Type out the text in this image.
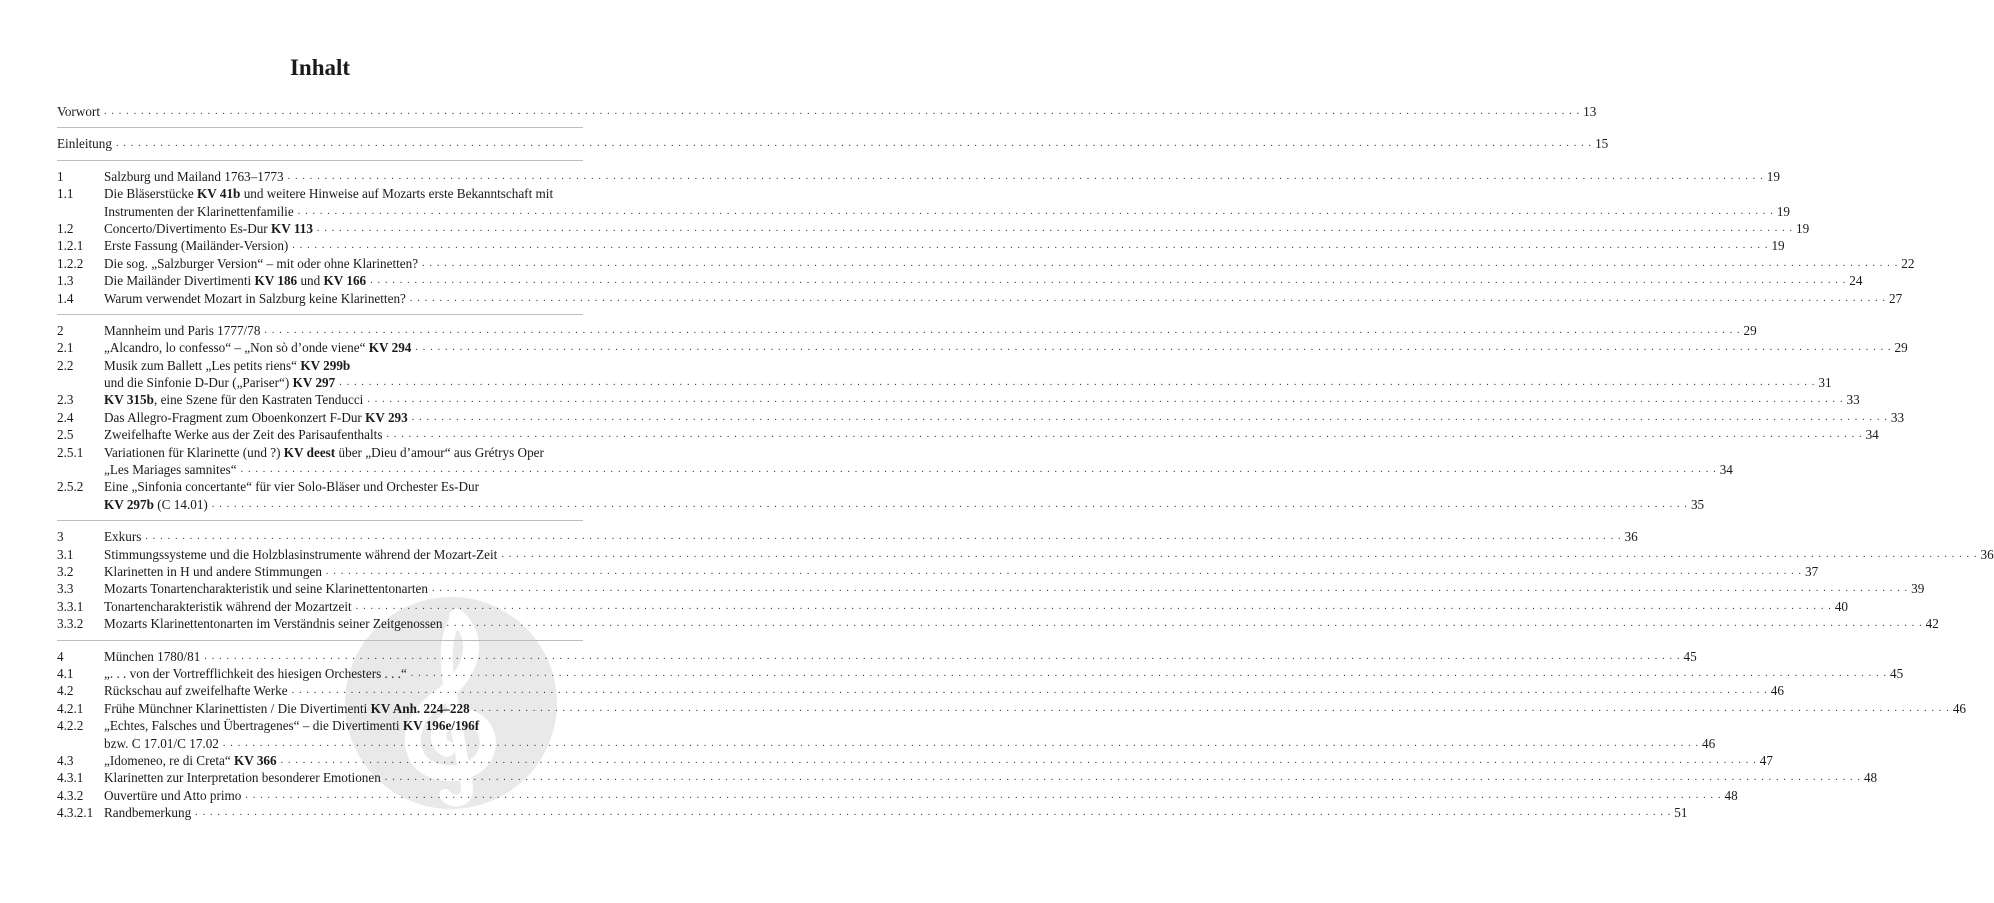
Inhalt
Vorwort . . . . . . . . . . . . . . . . . . . . . . . . . . . . . . . . . . . . . . . . . . . . . . . . . . . . . . . . . . . . . . . . . . . . . . . . . . . . . . . . . . . . . . . . . . . . . . . . . . . . . . . . . . . . . . . . . . . . . . . . . . . . . . . . . . . . . . . . . . . . . . . . . . . . . . . . . . . . . . . . . . . . . . . . . . . . . . . . . . . . . . . . . . . . . . . . . . . . . . . . 13
Einleitung . . . . . . . . . . . . . . . . . . . . . . . . . . . . . . . . . . . . . . . . . . . . . . . . . . . . . . . . . . . . . . . . . . . . . . . . . . . . . . . . . . . . . . . . . . . . . . . . . . . . . . . . . . . . . . . . . . . . . . . . . . . . . . . . . . . . . . . . . . . . . . . . . . . . . . . . . . . . . . . . . . . . . . . . . . . . . . . . . . . . . . . . . . . . . . . . . . . . . . . . 15
1	Salzburg und Mailand 1763–1773 . . . . . . . . . . . . . . . . . . . . . . . . . . . . . . . . . . . . . . . . . . . . . . . . . . . . . . . . . . . . . . . . . . . . . . . . . . . . . . . . . . . . . . . . . . . . . . . . . . . . . . . . . . . . . . . . . . . . . . . . . . . . . . . . . . . . . . . . . . . . . . . . . . . . . . . . . . . . . . . . . . . . . . . . . . . . . . . . . . . . . . . . . . . . . . . . . . . . . . . . 19
1.1	Die Bläserstücke KV 41b und weitere Hinweise auf Mozarts erste Bekanntschaft mit
Instrumenten der Klarinettenfamilie . . . . . . . . . . . . . . . . . . . . . . . . . . . . . . . . . . . . . . . . . . . . . . . . . . . . . . . . . . . . . . . . . . . . . . . . . . . . . . . . . . . . . . . . . . . . . . . . . . . . . . . . . . . . . . . . . . . . . . . . . . . . . . . . . . . . . . . . . . . . . . . . . . . . . . . . . . . . . . . . . . . . . . . . . . . . . . . . . . . . . . . . . . . . . . . . . . . . . . . . 19
1.2	Concerto/Divertimento Es-Dur KV 113 . . . . . . . . . . . . . . . . . . . . . . . . . . . . . . . . . . . . . . . . . . . . . . . . . . . . . . . . . . . . . . . . . . . . . . . . . . . . . . . . . . . . . . . . . . . . . . . . . . . . . . . . . . . . . . . . . . . . . . . . . . . . . . . . . . . . . . . . . . . . . . . . . . . . . . . . . . . . . . . . . . . . . . . . . . . . . . . . . . . . . . . . . . . . . . . . . . . . . . . . 19
1.2.1	Erste Fassung (Mailänder-Version) . . . . . . . . . . . . . . . . . . . . . . . . . . . . . . . . . . . . . . . . . . . . . . . . . . . . . . . . . . . . . . . . . . . . . . . . . . . . . . . . . . . . . . . . . . . . . . . . . . . . . . . . . . . . . . . . . . . . . . . . . . . . . . . . . . . . . . . . . . . . . . . . . . . . . . . . . . . . . . . . . . . . . . . . . . . . . . . . . . . . . . . . . . . . . . . . . . . . . . . . 19
1.2.2	Die sog. „Salzburger Version“ – mit oder ohne Klarinetten? . . . . . . . . . . . . . . . . . . . . . . . . . . . . . . . . . . . . . . . . . . . . . . . . . . . . . . . . . . . . . . . . . . . . . . . . . . . . . . . . . . . . . . . . . . . . . . . . . . . . . . . . . . . . . . . . . . . . . . . . . . . . . . . . . . . . . . . . . . . . . . . . . . . . . . . . . . . . . . . . . . . . . . . . . . . . . . . . . . . . . . . . . . . . . . . . . . . . . . . . 22
1.3	Die Mailänder Divertimenti KV 186 und KV 166 . . . . . . . . . . . . . . . . . . . . . . . . . . . . . . . . . . . . . . . . . . . . . . . . . . . . . . . . . . . . . . . . . . . . . . . . . . . . . . . . . . . . . . . . . . . . . . . . . . . . . . . . . . . . . . . . . . . . . . . . . . . . . . . . . . . . . . . . . . . . . . . . . . . . . . . . . . . . . . . . . . . . . . . . . . . . . . . . . . . . . . . . . . . . . . . . . . . . . . . . 24
1.4	Warum verwendet Mozart in Salzburg keine Klarinetten? . . . . . . . . . . . . . . . . . . . . . . . . . . . . . . . . . . . . . . . . . . . . . . . . . . . . . . . . . . . . . . . . . . . . . . . . . . . . . . . . . . . . . . . . . . . . . . . . . . . . . . . . . . . . . . . . . . . . . . . . . . . . . . . . . . . . . . . . . . . . . . . . . . . . . . . . . . . . . . . . . . . . . . . . . . . . . . . . . . . . . . . . . . . . . . . . . . . . . . . . 27
2	Mannheim und Paris 1777/78 . . . . . . . . . . . . . . . . . . . . . . . . . . . . . . . . . . . . . . . . . . . . . . . . . . . . . . . . . . . . . . . . . . . . . . . . . . . . . . . . . . . . . . . . . . . . . . . . . . . . . . . . . . . . . . . . . . . . . . . . . . . . . . . . . . . . . . . . . . . . . . . . . . . . . . . . . . . . . . . . . . . . . . . . . . . . . . . . . . . . . . . . . . . . . . . . . . . . . . . . 29
2.1	„Alcandro, lo confesso“ – „Non sò d’onde viene“ KV 294 . . . . . . . . . . . . . . . . . . . . . . . . . . . . . . . . . . . . . . . . . . . . . . . . . . . . . . . . . . . . . . . . . . . . . . . . . . . . . . . . . . . . . . . . . . . . . . . . . . . . . . . . . . . . . . . . . . . . . . . . . . . . . . . . . . . . . . . . . . . . . . . . . . . . . . . . . . . . . . . . . . . . . . . . . . . . . . . . . . . . . . . . . . . . . . . . . . . . . . . . 29
2.2	Musik zum Ballett „Les petits riens“ KV 299b
und die Sinfonie D-Dur („Pariser“) KV 297 . . . . . . . . . . . . . . . . . . . . . . . . . . . . . . . . . . . . . . . . . . . . . . . . . . . . . . . . . . . . . . . . . . . . . . . . . . . . . . . . . . . . . . . . . . . . . . . . . . . . . . . . . . . . . . . . . . . . . . . . . . . . . . . . . . . . . . . . . . . . . . . . . . . . . . . . . . . . . . . . . . . . . . . . . . . . . . . . . . . . . . . . . . . . . . . . . . . . . . . . 31
2.3	KV 315b, eine Szene für den Kastraten Tenducci . . . . . . . . . . . . . . . . . . . . . . . . . . . . . . . . . . . . . . . . . . . . . . . . . . . . . . . . . . . . . . . . . . . . . . . . . . . . . . . . . . . . . . . . . . . . . . . . . . . . . . . . . . . . . . . . . . . . . . . . . . . . . . . . . . . . . . . . . . . . . . . . . . . . . . . . . . . . . . . . . . . . . . . . . . . . . . . . . . . . . . . . . . . . . . . . . . . . . . . . 33
2.4	Das Allegro-Fragment zum Oboenkonzert F-Dur KV 293 . . . . . . . . . . . . . . . . . . . . . . . . . . . . . . . . . . . . . . . . . . . . . . . . . . . . . . . . . . . . . . . . . . . . . . . . . . . . . . . . . . . . . . . . . . . . . . . . . . . . . . . . . . . . . . . . . . . . . . . . . . . . . . . . . . . . . . . . . . . . . . . . . . . . . . . . . . . . . . . . . . . . . . . . . . . . . . . . . . . . . . . . . . . . . . . . . . . . . . . . 33
2.5	Zweifelhafte Werke aus der Zeit des Parisaufenthalts . . . . . . . . . . . . . . . . . . . . . . . . . . . . . . . . . . . . . . . . . . . . . . . . . . . . . . . . . . . . . . . . . . . . . . . . . . . . . . . . . . . . . . . . . . . . . . . . . . . . . . . . . . . . . . . . . . . . . . . . . . . . . . . . . . . . . . . . . . . . . . . . . . . . . . . . . . . . . . . . . . . . . . . . . . . . . . . . . . . . . . . . . . . . . . . . . . . . . . . . 34
2.5.1	Variationen für Klarinette (und ?) KV deest über „Dieu d’amour“ aus Grétrys Oper
„Les Mariages samnites“ . . . . . . . . . . . . . . . . . . . . . . . . . . . . . . . . . . . . . . . . . . . . . . . . . . . . . . . . . . . . . . . . . . . . . . . . . . . . . . . . . . . . . . . . . . . . . . . . . . . . . . . . . . . . . . . . . . . . . . . . . . . . . . . . . . . . . . . . . . . . . . . . . . . . . . . . . . . . . . . . . . . . . . . . . . . . . . . . . . . . . . . . . . . . . . . . . . . . . . . . 34
2.5.2	Eine „Sinfonia concertante“ für vier Solo-Bläser und Orchester Es-Dur
KV 297b (C 14.01) . . . . . . . . . . . . . . . . . . . . . . . . . . . . . . . . . . . . . . . . . . . . . . . . . . . . . . . . . . . . . . . . . . . . . . . . . . . . . . . . . . . . . . . . . . . . . . . . . . . . . . . . . . . . . . . . . . . . . . . . . . . . . . . . . . . . . . . . . . . . . . . . . . . . . . . . . . . . . . . . . . . . . . . . . . . . . . . . . . . . . . . . . . . . . . . . . . . . . . . . 35
3	Exkurs . . . . . . . . . . . . . . . . . . . . . . . . . . . . . . . . . . . . . . . . . . . . . . . . . . . . . . . . . . . . . . . . . . . . . . . . . . . . . . . . . . . . . . . . . . . . . . . . . . . . . . . . . . . . . . . . . . . . . . . . . . . . . . . . . . . . . . . . . . . . . . . . . . . . . . . . . . . . . . . . . . . . . . . . . . . . . . . . . . . . . . . . . . . . . . . . . . . . . . . . 36
3.1	Stimmungssysteme und die Holzblasinstrumente während der Mozart-Zeit . . . . . . . . . . . . . . . . . . . . . . . . . . . . . . . . . . . . . . . . . . . . . . . . . . . . . . . . . . . . . . . . . . . . . . . . . . . . . . . . . . . . . . . . . . . . . . . . . . . . . . . . . . . . . . . . . . . . . . . . . . . . . . . . . . . . . . . . . . . . . . . . . . . . . . . . . . . . . . . . . . . . . . . . . . . . . . . . . . . . . . . . . . . . . . . . . . . . . . . . 36
3.2	Klarinetten in H und andere Stimmungen . . . . . . . . . . . . . . . . . . . . . . . . . . . . . . . . . . . . . . . . . . . . . . . . . . . . . . . . . . . . . . . . . . . . . . . . . . . . . . . . . . . . . . . . . . . . . . . . . . . . . . . . . . . . . . . . . . . . . . . . . . . . . . . . . . . . . . . . . . . . . . . . . . . . . . . . . . . . . . . . . . . . . . . . . . . . . . . . . . . . . . . . . . . . . . . . . . . . . . . . 37
3.3	Mozarts Tonartencharakteristik und seine Klarinettentonarten . . . . . . . . . . . . . . . . . . . . . . . . . . . . . . . . . . . . . . . . . . . . . . . . . . . . . . . . . . . . . . . . . . . . . . . . . . . . . . . . . . . . . . . . . . . . . . . . . . . . . . . . . . . . . . . . . . . . . . . . . . . . . . . . . . . . . . . . . . . . . . . . . . . . . . . . . . . . . . . . . . . . . . . . . . . . . . . . . . . . . . . . . . . . . . . . . . . . . . . . 39
3.3.1	Tonartencharakteristik während der Mozartzeit . . . . . . . . . . . . . . . . . . . . . . . . . . . . . . . . . . . . . . . . . . . . . . . . . . . . . . . . . . . . . . . . . . . . . . . . . . . . . . . . . . . . . . . . . . . . . . . . . . . . . . . . . . . . . . . . . . . . . . . . . . . . . . . . . . . . . . . . . . . . . . . . . . . . . . . . . . . . . . . . . . . . . . . . . . . . . . . . . . . . . . . . . . . . . . . . . . . . . . . . 40
3.3.2	Mozarts Klarinettentonarten im Verständnis seiner Zeitgenossen . . . . . . . . . . . . . . . . . . . . . . . . . . . . . . . . . . . . . . . . . . . . . . . . . . . . . . . . . . . . . . . . . . . . . . . . . . . . . . . . . . . . . . . . . . . . . . . . . . . . . . . . . . . . . . . . . . . . . . . . . . . . . . . . . . . . . . . . . . . . . . . . . . . . . . . . . . . . . . . . . . . . . . . . . . . . . . . . . . . . . . . . . . . . . . . . . . . . . . . . 42
4	München 1780/81 . . . . . . . . . . . . . . . . . . . . . . . . . . . . . . . . . . . . . . . . . . . . . . . . . . . . . . . . . . . . . . . . . . . . . . . . . . . . . . . . . . . . . . . . . . . . . . . . . . . . . . . . . . . . . . . . . . . . . . . . . . . . . . . . . . . . . . . . . . . . . . . . . . . . . . . . . . . . . . . . . . . . . . . . . . . . . . . . . . . . . . . . . . . . . . . . . . . . . . . . 45
4.1	„. . . von der Vortrefflichkeit des hiesigen Orchesters . . .“ . . . . . . . . . . . . . . . . . . . . . . . . . . . . . . . . . . . . . . . . . . . . . . . . . . . . . . . . . . . . . . . . . . . . . . . . . . . . . . . . . . . . . . . . . . . . . . . . . . . . . . . . . . . . . . . . . . . . . . . . . . . . . . . . . . . . . . . . . . . . . . . . . . . . . . . . . . . . . . . . . . . . . . . . . . . . . . . . . . . . . . . . . . . . . . . . . . . . . . . . 45
4.2	Rückschau auf zweifelhafte Werke . . . . . . . . . . . . . . . . . . . . . . . . . . . . . . . . . . . . . . . . . . . . . . . . . . . . . . . . . . . . . . . . . . . . . . . . . . . . . . . . . . . . . . . . . . . . . . . . . . . . . . . . . . . . . . . . . . . . . . . . . . . . . . . . . . . . . . . . . . . . . . . . . . . . . . . . . . . . . . . . . . . . . . . . . . . . . . . . . . . . . . . . . . . . . . . . . . . . . . . . 46
4.2.1	Frühe Münchner Klarinettisten / Die Divertimenti KV Anh. 224–228 . . . . . . . . . . . . . . . . . . . . . . . . . . . . . . . . . . . . . . . . . . . . . . . . . . . . . . . . . . . . . . . . . . . . . . . . . . . . . . . . . . . . . . . . . . . . . . . . . . . . . . . . . . . . . . . . . . . . . . . . . . . . . . . . . . . . . . . . . . . . . . . . . . . . . . . . . . . . . . . . . . . . . . . . . . . . . . . . . . . . . . . . . . . . . . . . . . . . . . . . 46
4.2.2	„Echtes, Falsches und Übertragenes“ – die Divertimenti KV 196e/196f
bzw. C 17.01/C 17.02 . . . . . . . . . . . . . . . . . . . . . . . . . . . . . . . . . . . . . . . . . . . . . . . . . . . . . . . . . . . . . . . . . . . . . . . . . . . . . . . . . . . . . . . . . . . . . . . . . . . . . . . . . . . . . . . . . . . . . . . . . . . . . . . . . . . . . . . . . . . . . . . . . . . . . . . . . . . . . . . . . . . . . . . . . . . . . . . . . . . . . . . . . . . . . . . . . . . . . . . . 46
4.3	„Idomeneo, re di Creta“ KV 366 . . . . . . . . . . . . . . . . . . . . . . . . . . . . . . . . . . . . . . . . . . . . . . . . . . . . . . . . . . . . . . . . . . . . . . . . . . . . . . . . . . . . . . . . . . . . . . . . . . . . . . . . . . . . . . . . . . . . . . . . . . . . . . . . . . . . . . . . . . . . . . . . . . . . . . . . . . . . . . . . . . . . . . . . . . . . . . . . . . . . . . . . . . . . . . . . . . . . . . . . 47
4.3.1	Klarinetten zur Interpretation besonderer Emotionen . . . . . . . . . . . . . . . . . . . . . . . . . . . . . . . . . . . . . . . . . . . . . . . . . . . . . . . . . . . . . . . . . . . . . . . . . . . . . . . . . . . . . . . . . . . . . . . . . . . . . . . . . . . . . . . . . . . . . . . . . . . . . . . . . . . . . . . . . . . . . . . . . . . . . . . . . . . . . . . . . . . . . . . . . . . . . . . . . . . . . . . . . . . . . . . . . . . . . . . . 48
4.3.2	Ouvertüre und Atto primo . . . . . . . . . . . . . . . . . . . . . . . . . . . . . . . . . . . . . . . . . . . . . . . . . . . . . . . . . . . . . . . . . . . . . . . . . . . . . . . . . . . . . . . . . . . . . . . . . . . . . . . . . . . . . . . . . . . . . . . . . . . . . . . . . . . . . . . . . . . . . . . . . . . . . . . . . . . . . . . . . . . . . . . . . . . . . . . . . . . . . . . . . . . . . . . . . . . . . . . . 48
4.3.2.1 Randbemerkung . . . . . . . . . . . . . . . . . . . . . . . . . . . . . . . . . . . . . . . . . . . . . . . . . . . . . . . . . . . . . . . . . . . . . . . . . . . . . . . . . . . . . . . . . . . . . . . . . . . . . . . . . . . . . . . . . . . . . . . . . . . . . . . . . . . . . . . . . . . . . . . . . . . . . . . . . . . . . . . . . . . . . . . . . . . . . . . . . . . . . . . . . . . . . . . . . . . . . . . . 51
